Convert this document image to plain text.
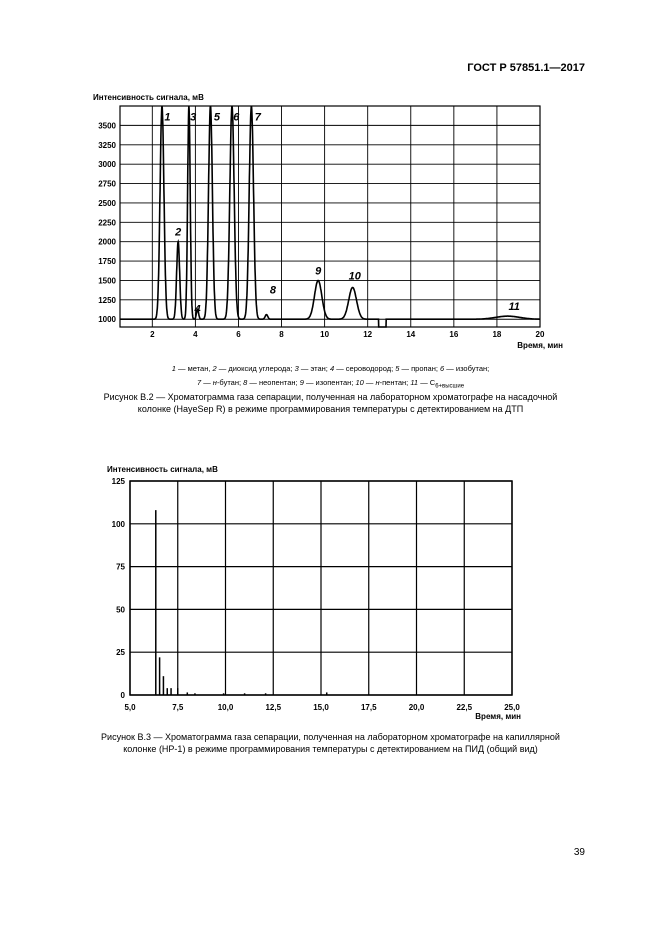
ГОСТ Р 57851.1—2017
2	4	6	8	10	12	14	16	18	20
3500
3250
3000
2750
2500
2250
2000
1750
1500
1250
1000
Интенсивность сигнала, мВ
Время, мин
1
2
3
4
5 6 7
8
9 10
11
1 — метан, 2 — диоксид углерода; 3 — этан; 4 — сероводород; 5 — пропан; 6 — изобутан;
7 — н-бутан; 8 — неопентан; 9 — изопентан; 10 — н-пентан; 11 — $C_{6+высшие}$
Рисунок В.2 — Хроматограмма газа сепарации, полученная на лабораторном хроматографе на насадочной
колонке (HayeSep R) в режиме программирования температуры с детектированием на ДТП
5,0	7,5	10,0	12,5	15,0	17,5	20,0	22,5	25,0
125
100
75
50
25
0
Интенсивность сигнала, мВ
Время, мин
Рисунок В.3 — Хроматограмма газа сепарации, полученная на лабораторном хроматографе на капиллярной
колонке (HP-1) в режиме программирования температуры с детектированием на ПИД (общий вид)
39
